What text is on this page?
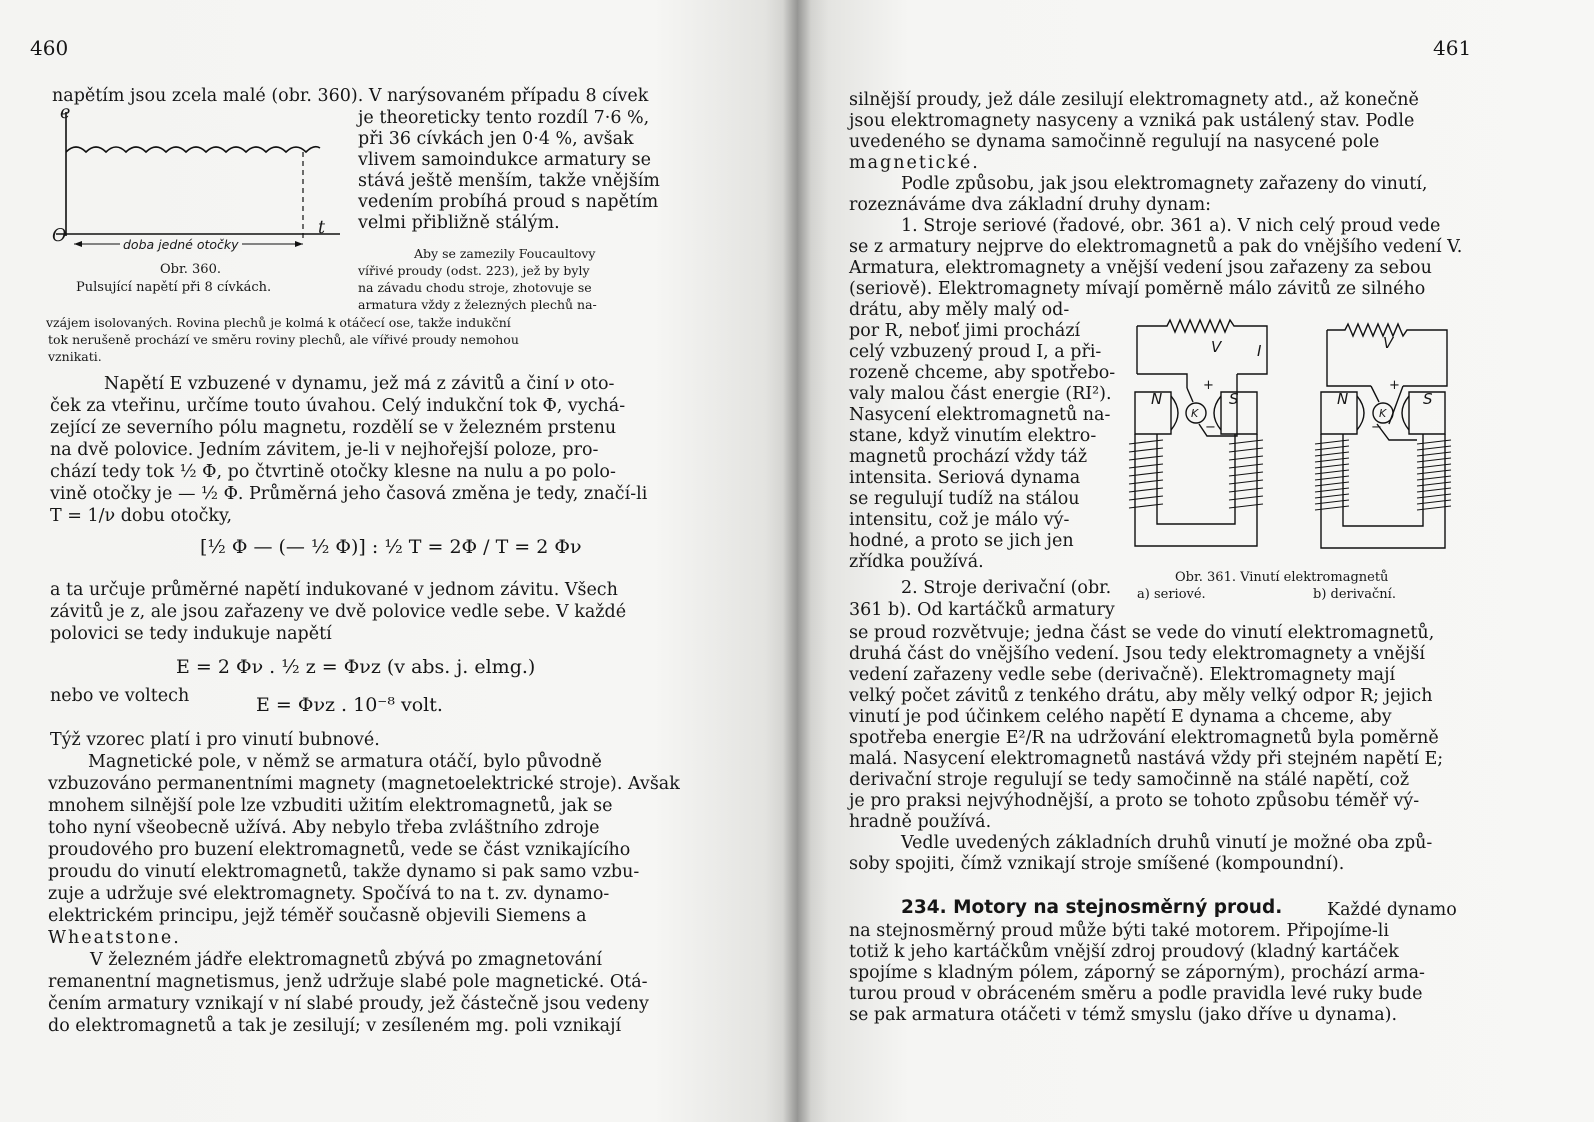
460
napětím jsou zcela malé (obr. 360). V narýsovaném případu 8 cívek
je theoreticky tento rozdíl 7·6 %,
při 36 cívkách jen 0·4 %, avšak
vlivem samoindukce armatury se
stává ještě menším, takže vnějším
vedením probíhá proud s napětím
velmi přibližně stálým.
e
O	t
doba jedné otočky
Obr. 360.
Pulsující napětí při 8 cívkách.
Aby se zamezily Foucaultovy
vířivé proudy (odst. 223), jež by byly
na závadu chodu stroje, zhotovuje se
armatura vždy z železných plechů na-
vzájem isolovaných. Rovina plechů je kolmá k otáčecí ose, takže indukční
tok nerušeně prochází ve směru roviny plechů, ale vířivé proudy nemohou
vznikati.
Napětí E vzbuzené v dynamu, jež má z závitů a činí ν oto-
ček za vteřinu, určíme touto úvahou. Celý indukční tok Φ, vychá-
zející ze severního pólu magnetu, rozdělí se v železném prstenu
na dvě polovice. Jedním závitem, je-li v nejhořejší poloze, pro-
chází tedy tok ½ Φ, po čtvrtině otočky klesne na nulu a po polo-
vině otočky je — ½ Φ. Průměrná jeho časová změna je tedy, značí-li
T = 1/ν dobu otočky,
[½ Φ — (— ½ Φ)] : ½ T = 2Φ / T = 2 Φν
a ta určuje průměrné napětí indukované v jednom závitu. Všech
závitů je z, ale jsou zařazeny ve dvě polovice vedle sebe. V každé
polovici se tedy indukuje napětí
E = 2 Φν . ½ z = Φνz (v abs. j. elmg.)
nebo ve voltech	E = Φνz . 10⁻⁸ volt.
Týž vzorec platí i pro vinutí bubnové.
Magnetické pole, v němž se armatura otáčí, bylo původně
vzbuzováno permanentními magnety (magnetoelektrické stroje). Avšak
mnohem silnější pole lze vzbuditi užitím elektromagnetů, jak se
toho nyní všeobecně užívá. Aby nebylo třeba zvláštního zdroje
proudového pro buzení elektromagnetů, vede se část vznikajícího
proudu do vinutí elektromagnetů, takže dynamo si pak samo vzbu-
zuje a udržuje své elektromagnety. Spočívá to na t. zv. dynamo-
elektrickém principu, jejž téměř současně objevili Siemens a
Wheatstone.
V železném jádře elektromagnetů zbývá po zmagnetování
remanentní magnetismus, jenž udržuje slabé pole magnetické. Otá-
čením armatury vznikají v ní slabé proudy, jež částečně jsou vedeny
do elektromagnetů a tak je zesilují; v zesíleném mg. poli vznikají
461
silnější proudy, jež dále zesilují elektromagnety atd., až konečně
jsou elektromagnety nasyceny a vzniká pak ustálený stav. Podle
uvedeného se dynama samočinně regulují na nasycené pole
magnetické.
Podle způsobu, jak jsou elektromagnety zařazeny do vinutí,
rozeznáváme dva základní druhy dynam:
1. Stroje seriové (řadové, obr. 361 a). V nich celý proud vede
se z armatury nejprve do elektromagnetů a pak do vnějšího vedení V.
Armatura, elektromagnety a vnější vedení jsou zařazeny za sebou
(seriově). Elektromagnety mívají poměrně málo závitů ze silného
drátu, aby měly malý od-
por R, neboť jimi prochází
celý vzbuzený proud I, a při-
rozeně chceme, aby spotřebo-
valy malou část energie (RI²).
Nasycení elektromagnetů na-
stane, když vinutím elektro-
magnetů prochází vždy táž
intensita. Seriová dynama
se regulují tudíž na stálou
intensitu, což je málo vý-
hodné, a proto se jich jen
zřídka používá.
2. Stroje derivační (obr.
361 b). Od kartáčků armatury
V I
N	S
K
+
−
V
N	S
K
+
−
Obr. 361. Vinutí elektromagnetů
a) seriové.	b) derivační.
se proud rozvětvuje; jedna část se vede do vinutí elektromagnetů,
druhá část do vnějšího vedení. Jsou tedy elektromagnety a vnější
vedení zařazeny vedle sebe (derivačně). Elektromagnety mají
velký počet závitů z tenkého drátu, aby měly velký odpor R; jejich
vinutí je pod účinkem celého napětí E dynama a chceme, aby
spotřeba energie E²/R na udržování elektromagnetů byla poměrně
malá. Nasycení elektromagnetů nastává vždy při stejném napětí E;
derivační stroje regulují se tedy samočinně na stálé napětí, což
je pro praksi nejvýhodnější, a proto se tohoto způsobu téměř vý-
hradně používá.
Vedle uvedených základních druhů vinutí je možné oba způ-
soby spojiti, čímž vznikají stroje smíšené (kompoundní).
234. Motory na stejnosměrný proud.	Každé dynamo
na stejnosměrný proud může býti také motorem. Připojíme-li
totiž k jeho kartáčkům vnější zdroj proudový (kladný kartáček
spojíme s kladným pólem, záporný se záporným), prochází arma-
turou proud v obráceném směru a podle pravidla levé ruky bude
se pak armatura otáčeti v témž smyslu (jako dříve u dynama).
